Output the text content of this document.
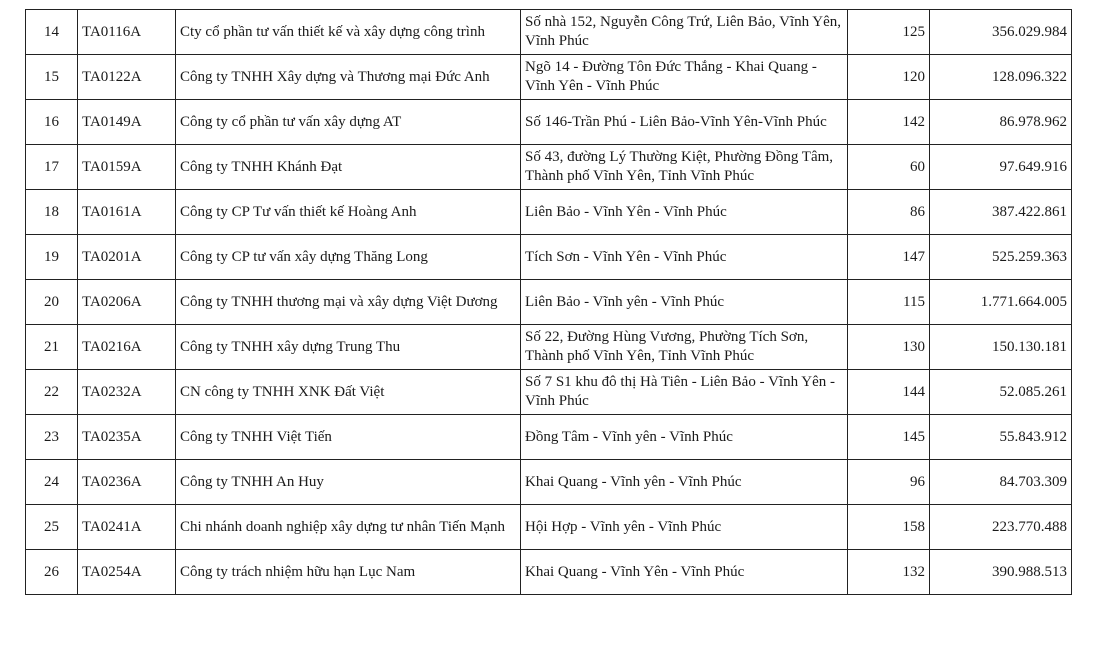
14	TA0116A	Cty cổ phần tư vấn thiết kế và xây dựng công trình	Số nhà 152, Nguyễn Công Trứ, Liên Bảo, Vĩnh Yên, Vĩnh Phúc	125	356.029.984
15	TA0122A	Công ty TNHH Xây dựng và Thương mại Đức Anh	Ngõ 14 - Đường Tôn Đức Thắng - Khai Quang - Vĩnh Yên - Vĩnh Phúc	120	128.096.322
16	TA0149A	Công ty cổ phần tư vấn xây dựng AT	Số 146-Trần Phú - Liên Bảo-Vĩnh Yên-Vĩnh Phúc	142	86.978.962
17	TA0159A	Công ty TNHH Khánh Đạt	Số 43, đường Lý Thường Kiệt, Phường Đồng Tâm, Thành phố Vĩnh Yên, Tỉnh Vĩnh Phúc	60	97.649.916
18	TA0161A	Công ty CP Tư vấn thiết kế Hoàng Anh	Liên Bảo - Vĩnh Yên - Vĩnh Phúc	86	387.422.861
19	TA0201A	Công ty CP tư vấn xây dựng Thăng Long	Tích Sơn - Vĩnh Yên - Vĩnh Phúc	147	525.259.363
20	TA0206A	Công ty TNHH thương mại và xây dựng Việt Dương	Liên Bảo - Vĩnh yên - Vĩnh Phúc	115	1.771.664.005
21	TA0216A	Công ty TNHH xây dựng Trung Thu	Số 22, Đường Hùng Vương, Phường Tích Sơn, Thành phố Vĩnh Yên, Tỉnh Vĩnh Phúc	130	150.130.181
22	TA0232A	CN công ty TNHH XNK Đất Việt	Số 7 S1 khu đô thị Hà Tiên - Liên Bảo - Vĩnh Yên - Vĩnh Phúc	144	52.085.261
23	TA0235A	Công ty TNHH Việt Tiến	Đồng Tâm - Vĩnh yên - Vĩnh Phúc	145	55.843.912
24	TA0236A	Công ty TNHH An Huy	Khai Quang - Vĩnh yên - Vĩnh Phúc	96	84.703.309
25	TA0241A	Chi nhánh doanh nghiệp xây dựng tư nhân Tiến Mạnh	Hội Hợp - Vĩnh yên - Vĩnh Phúc	158	223.770.488
26	TA0254A	Công ty trách nhiệm hữu hạn Lục Nam	Khai Quang - Vĩnh Yên - Vĩnh Phúc	132	390.988.513
